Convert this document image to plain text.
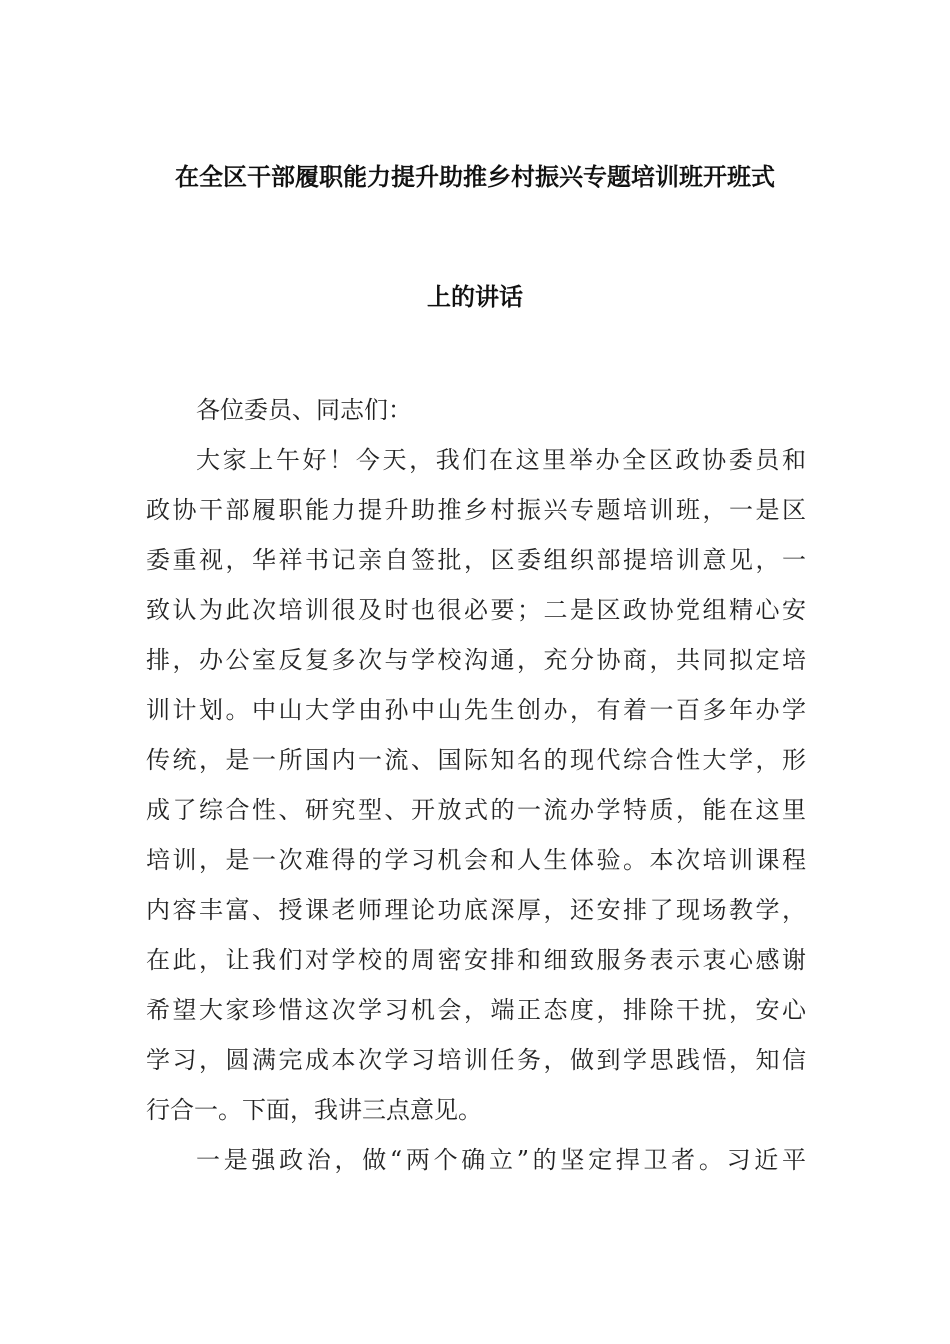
在全区干部履职能力提升助推乡村振兴专题培训班开班式
上的讲话
各位委员、同志们：
大家上午好！今天，我们在这里举办全区政协委员和
政协干部履职能力提升助推乡村振兴专题培训班，一是区
委重视，华祥书记亲自签批，区委组织部提培训意见，一
致认为此次培训很及时也很必要；二是区政协党组精心安
排，办公室反复多次与学校沟通，充分协商，共同拟定培
训计划。中山大学由孙中山先生创办，有着一百多年办学
传统，是一所国内一流、国际知名的现代综合性大学，形
成了综合性、研究型、开放式的一流办学特质，能在这里
培训，是一次难得的学习机会和人生体验。本次培训课程
内容丰富、授课老师理论功底深厚，还安排了现场教学，
在此，让我们对学校的周密安排和细致服务表示衷心感谢
希望大家珍惜这次学习机会，端正态度，排除干扰，安心
学习，圆满完成本次学习培训任务，做到学思践悟，知信
行合一。下面，我讲三点意见。
一是强政治，做“两个确立”的坚定捍卫者。习近平
